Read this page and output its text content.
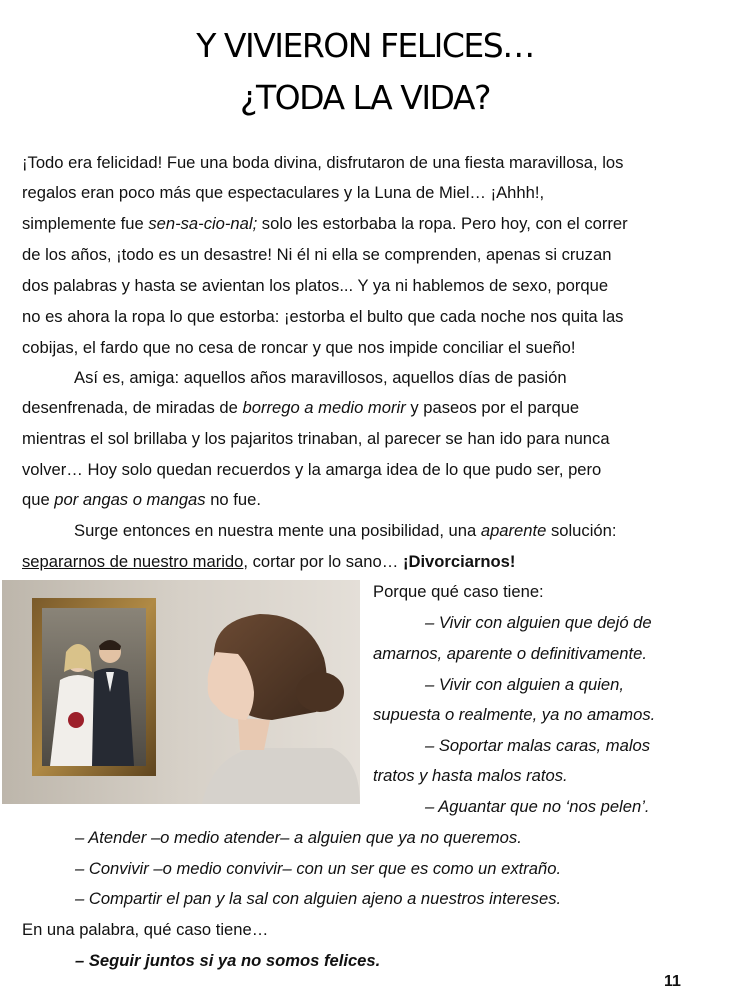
Y VIVIERON FELICES…
¿TODA LA VIDA?
¡Todo era felicidad! Fue una boda divina, disfrutaron de una fiesta maravillosa, los
regalos eran poco más que espectaculares y la Luna de Miel… ¡Ahhh!,
simplemente fue sen-sa-cio-nal; solo les estorbaba la ropa. Pero hoy, con el correr
de los años, ¡todo es un desastre! Ni él ni ella se comprenden, apenas si cruzan
dos palabras y hasta se avientan los platos... Y ya ni hablemos de sexo, porque
no es ahora la ropa lo que estorba: ¡estorba el bulto que cada noche nos quita las
cobijas, el fardo que no cesa de roncar y que nos impide conciliar el sueño!
Así es, amiga: aquellos años maravillosos, aquellos días de pasión
desenfrenada, de miradas de borrego a medio morir y paseos por el parque
mientras el sol brillaba y los pajaritos trinaban, al parecer se han ido para nunca
volver… Hoy solo quedan recuerdos y la amarga idea de lo que pudo ser, pero
que por angas o mangas no fue.
Surge entonces en nuestra mente una posibilidad, una aparente solución:
separarnos de nuestro marido, cortar por lo sano… ¡Divorciarnos!
Porque qué caso tiene:
– Vivir con alguien que dejó de
amarnos, aparente o definitivamente.
– Vivir con alguien a quien,
supuesta o realmente, ya no amamos.
– Soportar malas caras, malos
tratos y hasta malos ratos.
– Aguantar que no ‘nos pelen’.
– Atender –o medio atender– a alguien que ya no queremos.
– Convivir –o medio convivir– con un ser que es como un extraño.
– Compartir el pan y la sal con alguien ajeno a nuestros intereses.
En una palabra, qué caso tiene…
– Seguir juntos si ya no somos felices.
11
